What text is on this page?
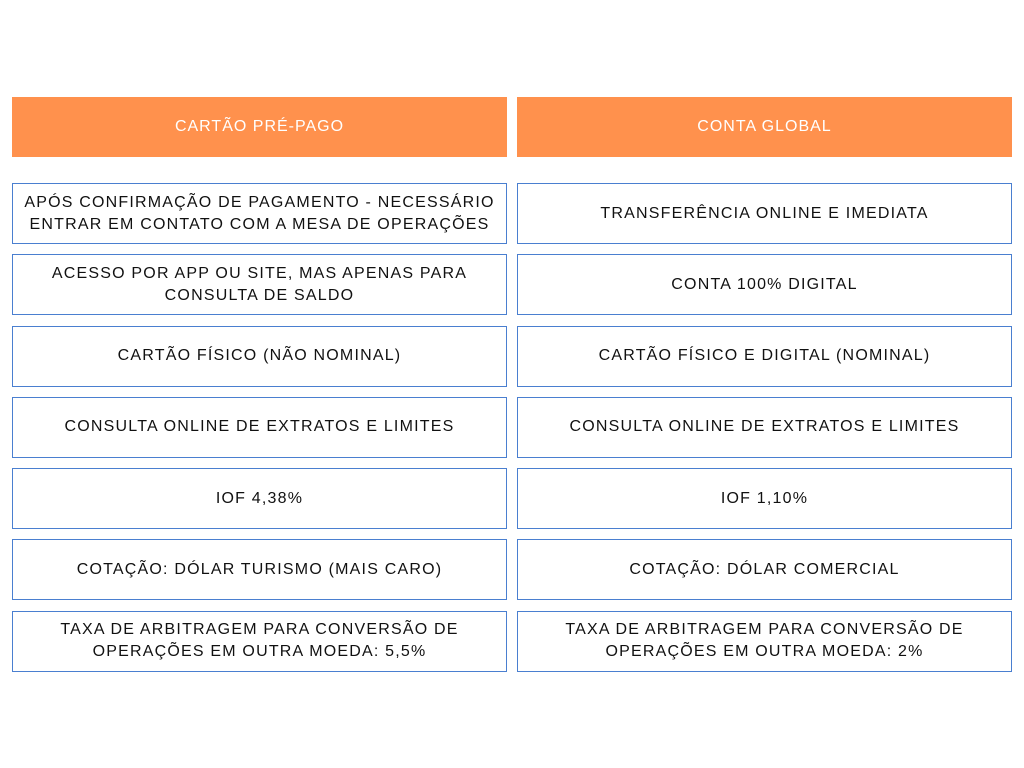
CARTÃO PRÉ-PAGO
APÓS CONFIRMAÇÃO DE PAGAMENTO - NECESSÁRIO ENTRAR EM CONTATO COM A MESA DE OPERAÇÕES
ACESSO POR APP OU SITE, MAS APENAS PARA CONSULTA DE SALDO
CARTÃO FÍSICO (NÃO NOMINAL)
CONSULTA ONLINE DE EXTRATOS E LIMITES
IOF 4,38%
COTAÇÃO: DÓLAR TURISMO (MAIS CARO)
TAXA DE ARBITRAGEM PARA CONVERSÃO DE OPERAÇÕES EM OUTRA MOEDA: 5,5%
CONTA GLOBAL
TRANSFERÊNCIA ONLINE E IMEDIATA
CONTA 100% DIGITAL
CARTÃO FÍSICO E DIGITAL (NOMINAL)
CONSULTA ONLINE DE EXTRATOS E LIMITES
IOF 1,10%
COTAÇÃO: DÓLAR COMERCIAL
TAXA DE ARBITRAGEM PARA CONVERSÃO DE OPERAÇÕES EM OUTRA MOEDA: 2%
